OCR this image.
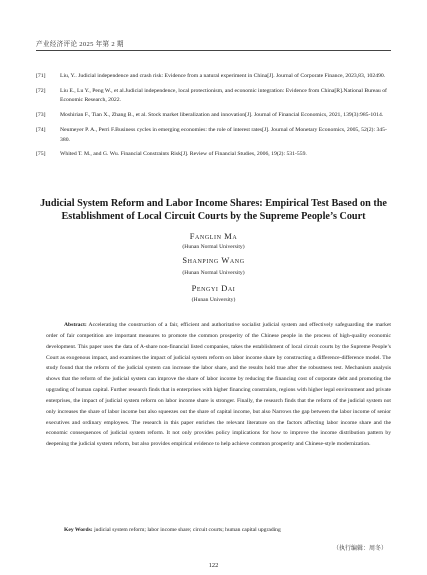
产业经济评论 2025 年第 2 期
[71]	Liu, Y.. Judicial independence and crash risk: Evidence from a natural experiment in China[J]. Journal of Corporate Finance, 2023,83, 102490.
[72]	Liu E., Lu Y., Peng W., et al.Judicial independence, local protectionism, and economic integration: Evidence from China[R].National Bureau of Economic Research, 2022.
[73]	Moshirian F., Tian X., Zhang B., et al. Stock market liberalization and innovation[J]. Journal of Financial Economics, 2021, 139(3):985-1014.
[74]	Neumeyer P. A., Perri F.Business cycles in emerging economies: the role of interest rates[J]. Journal of Monetary Economics, 2005, 52(2): 345-380.
[75]	Whited T. M., and G. Wu. Financial Constraints Risk[J]. Review of Financial Studies, 2006, 19(2): 531-559.
Judicial System Reform and Labor Income Shares: Empirical Test Based on the Establishment of Local Circuit Courts by the Supreme People’s Court
Fanglin Ma
(Hunan Normal University)
Shanping Wang
(Hunan Normal University)
Pengyi Dai
(Hunan University)
Abstract: Accelerating the construction of a fair, efficient and authoritative socialist judicial system and effectively safeguarding the market order of fair competition are important measures to promote the common prosperity of the Chinese people in the process of high-quality economic development. This paper uses the data of A-share non-financial listed companies, takes the establishment of local circuit courts by the Supreme People’s Court as exogenous impact, and examines the impact of judicial system reform on labor income share by constructing a difference-difference model. The study found that the reform of the judicial system can increase the labor share, and the results hold true after the robustness test. Mechanism analysis shows that the reform of the judicial system can improve the share of labor income by reducing the financing cost of corporate debt and promoting the upgrading of human capital. Further research finds that in enterprises with higher financing constraints, regions with higher legal environment and private enterprises, the impact of judicial system reform on labor income share is stronger. Finally, the research finds that the reform of the judicial system not only increases the share of labor income but also squeezes out the share of capital income, but also Narrows the gap between the labor income of senior executives and ordinary employees. The research in this paper enriches the relevant literature on the factors affecting labor income share and the economic consequences of judicial system reform. It not only provides policy implications for how to improve the income distribution pattern by deepening the judicial system reform, but also provides empirical evidence to help achieve common prosperity and Chinese-style modernization.
Key Words: judicial system reform; labor income share; circuit courts; human capital upgrading
（执行编辑：周冬）
122
